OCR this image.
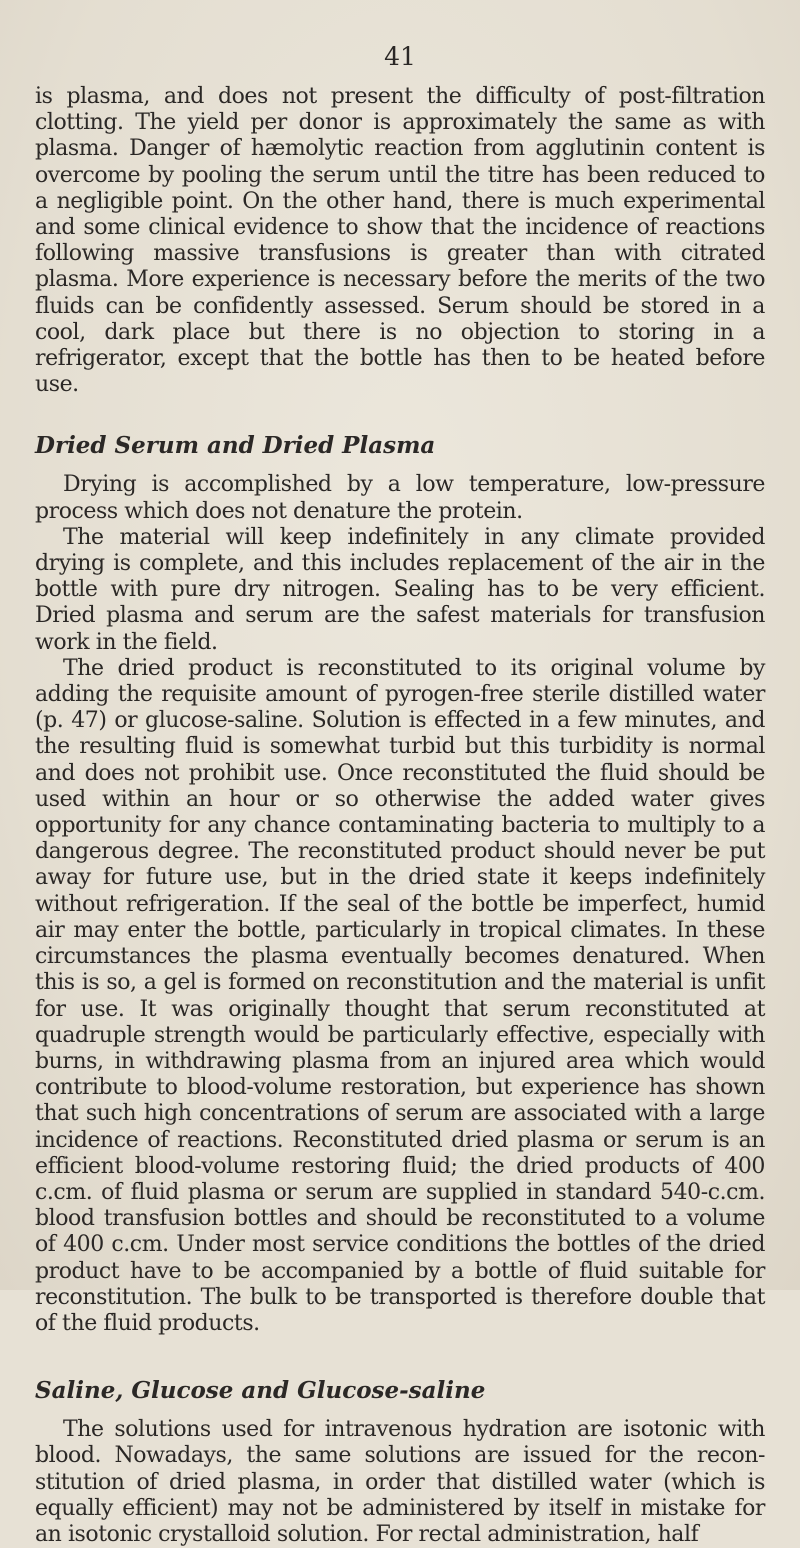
41

is plasma, and does not present the difficulty of post-filtration clotting. The yield per donor is approximately the same as with plasma. Danger of hæmolytic reaction from agglutinin content is overcome by pooling the serum until the titre has been reduced to a negligible point. On the other hand, there is much experimental and some clinical evidence to show that the incidence of reactions following massive transfusions is greater than with citrated plasma. More experience is necessary before the merits of the two fluids can be confidently assessed. Serum should be stored in a cool, dark place but there is no objection to storing in a refrigerator, except that the bottle has then to be heated before use.

Dried Serum and Dried Plasma

Drying is accomplished by a low temperature, low-pressure process which does not denature the protein.

The material will keep indefinitely in any climate provided drying is complete, and this includes replacement of the air in the bottle with pure dry nitrogen. Sealing has to be very efficient. Dried plasma and serum are the safest materials for transfusion work in the field.

The dried product is reconstituted to its original volume by adding the requisite amount of pyrogen-free sterile distilled water (p. 47) or glucose-saline. Solution is effected in a few minutes, and the resulting fluid is somewhat turbid but this turbidity is normal and does not prohibit use. Once reconstituted the fluid should be used within an hour or so otherwise the added water gives opportunity for any chance contaminating bacteria to multiply to a dangerous degree. The reconstituted product should never be put away for future use, but in the dried state it keeps indefinitely without refrigeration. If the seal of the bottle be imperfect, humid air may enter the bottle, particularly in tropical climates. In these circumstances the plasma eventually becomes denatured. When this is so, a gel is formed on reconstitution and the material is unfit for use. It was originally thought that serum reconstituted at quadruple strength would be particularly effective, especially with burns, in withdrawing plasma from an injured area which would contribute to blood-volume restoration, but experience has shown that such high concentrations of serum are associated with a large incidence of reactions. Reconstituted dried plasma or serum is an efficient blood-volume restoring fluid; the dried products of 400 c.cm. of fluid plasma or serum are supplied in standard 540-c.cm. blood transfusion bottles and should be reconstituted to a volume of 400 c.cm. Under most service conditions the bottles of the dried product have to be accompanied by a bottle of fluid suitable for reconstitution. The bulk to be transported is therefore double that of the fluid products.

Saline, Glucose and Glucose-saline

The solutions used for intravenous hydration are isotonic with blood. Nowadays, the same solutions are issued for the recon-stitution of dried plasma, in order that distilled water (which is equally efficient) may not be administered by itself in mistake for an isotonic crystalloid solution. For rectal administration, half
